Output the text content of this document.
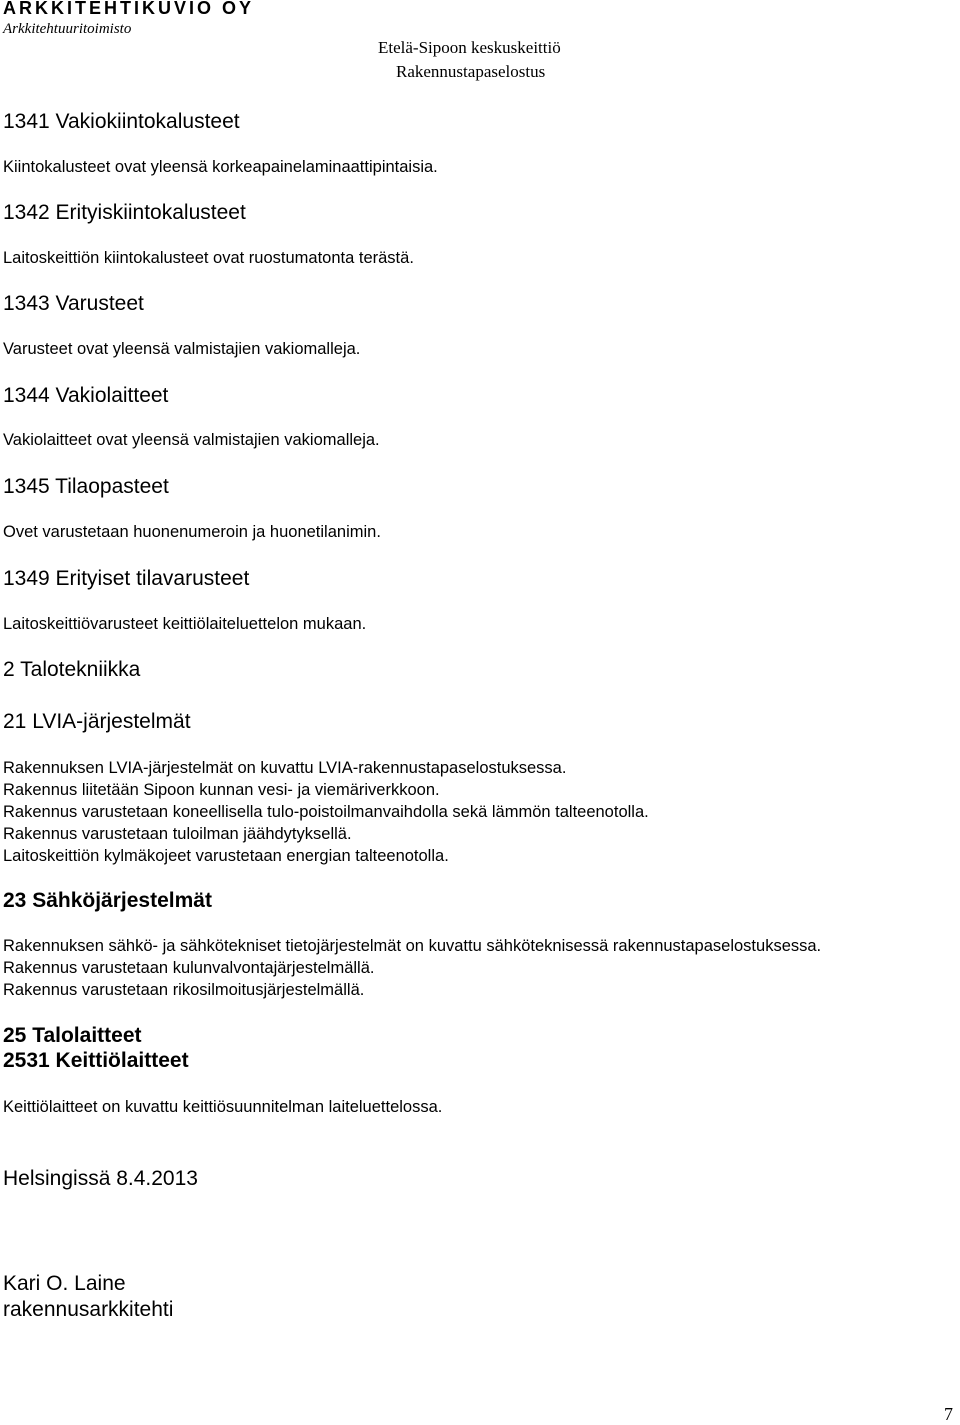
ARKKITEHTIKUVIO OY
Arkkitehtuuritoimisto
Etelä-Sipoon keskuskeittiö
Rakennustapaselostus
1341 Vakiokiintokalusteet
Kiintokalusteet ovat yleensä korkeapainelaminaattipintaisia.
1342 Erityiskiintokalusteet
Laitoskeittiön kiintokalusteet ovat ruostumatonta terästä.
1343 Varusteet
Varusteet ovat yleensä valmistajien vakiomalleja.
1344 Vakiolaitteet
Vakiolaitteet ovat yleensä valmistajien vakiomalleja.
1345 Tilaopasteet
Ovet varustetaan huonenumeroin ja huonetilanimin.
1349 Erityiset tilavarusteet
Laitoskeittiövarusteet keittiölaiteluettelon mukaan.
2 Talotekniikka
21 LVIA-järjestelmät
Rakennuksen LVIA-järjestelmät on kuvattu LVIA-rakennustapaselostuksessa.
Rakennus liitetään Sipoon kunnan vesi- ja viemäriverkkoon.
Rakennus varustetaan koneellisella tulo-poistoilmanvaihdolla sekä lämmön talteenotolla.
Rakennus varustetaan tuloilman jäähdytyksellä.
Laitoskeittiön kylmäkojeet varustetaan energian talteenotolla.
23 Sähköjärjestelmät
Rakennuksen sähkö- ja sähkötekniset tietojärjestelmät on kuvattu sähköteknisessä rakennustapaselostuksessa.
Rakennus varustetaan kulunvalvontajärjestelmällä.
Rakennus varustetaan rikosilmoitusjärjestelmällä.
25 Talolaitteet
2531 Keittiölaitteet
Keittiölaitteet on kuvattu keittiösuunnitelman laiteluettelossa.
Helsingissä 8.4.2013
Kari O. Laine
rakennusarkkitehti
7
